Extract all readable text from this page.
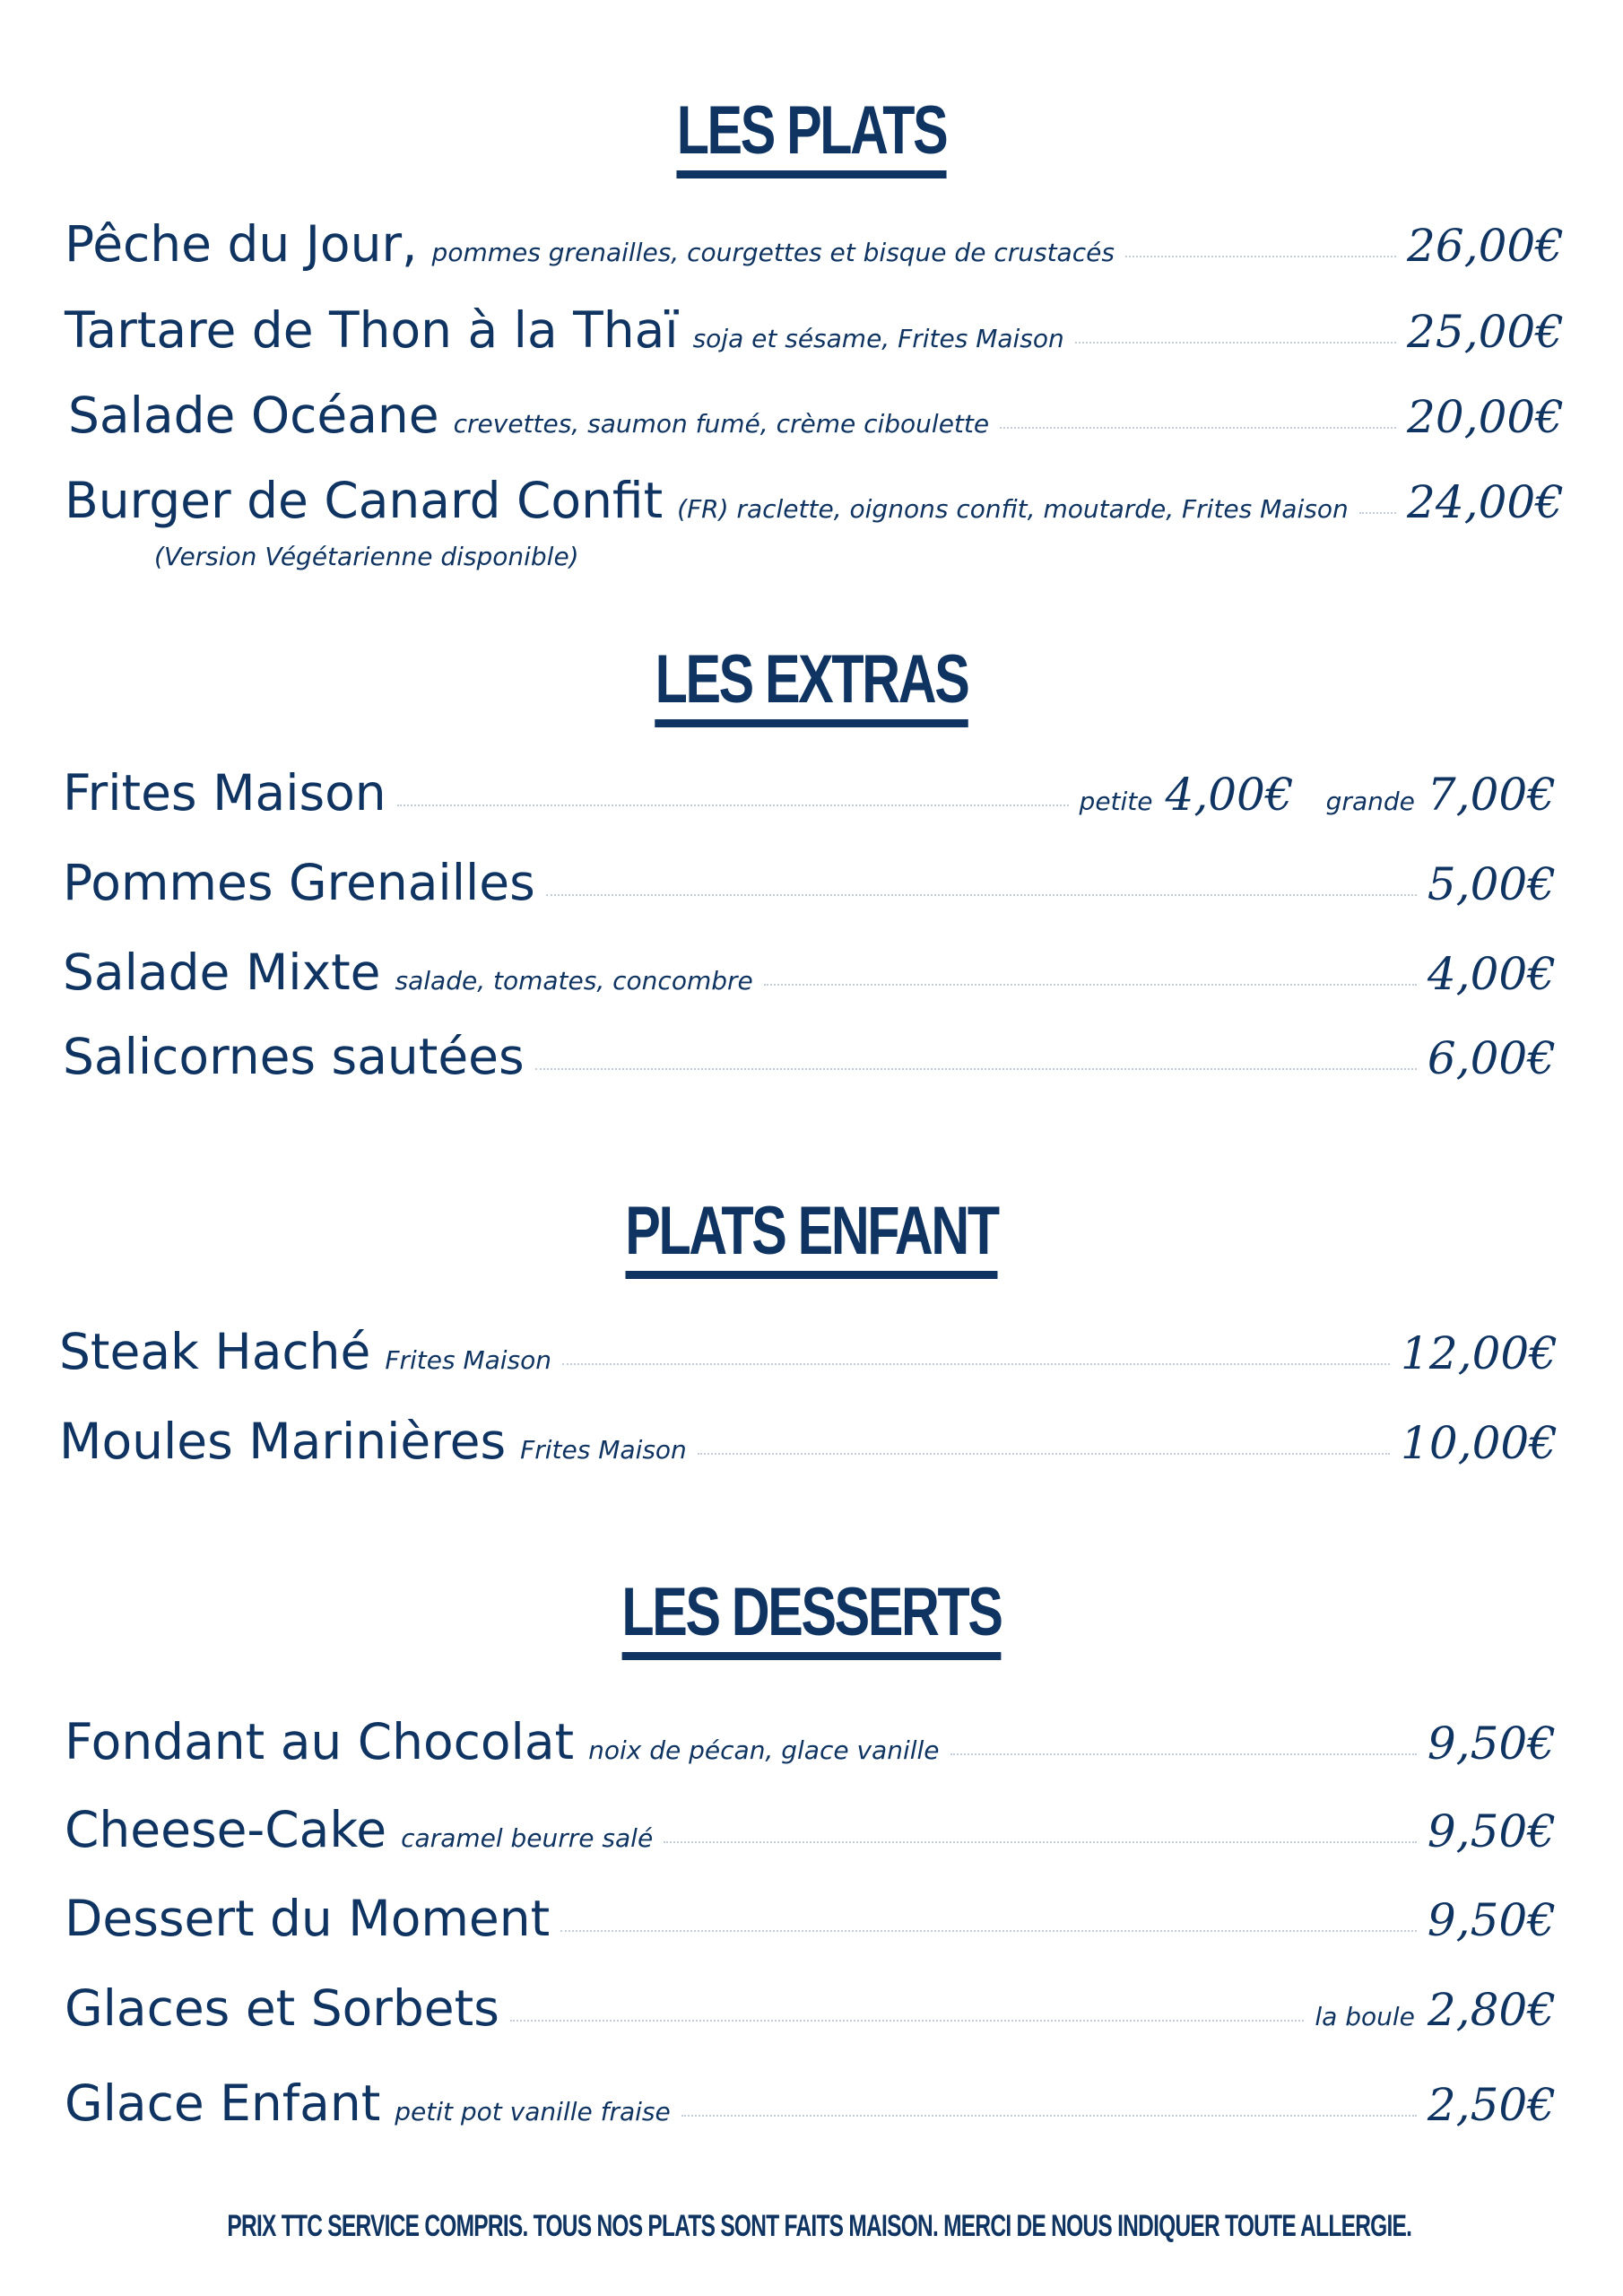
LES PLATS
Pêche du Jour, pommes grenailles, courgettes et bisque de crustacés	26,00€
Tartare de Thon à la Thaï soja et sésame, Frites Maison	25,00€
Salade Océane crevettes, saumon fumé, crème ciboulette	20,00€
Burger de Canard Confit (FR) raclette, oignons confit, moutarde, Frites Maison 24,00€
(Version Végétarienne disponible)
LES EXTRAS
Frites Maison	petite 4,00€ grande 7,00€
Pommes Grenailles	5,00€
Salade Mixte salade, tomates, concombre	4,00€
Salicornes sautées	6,00€
PLATS ENFANT
Steak Haché Frites Maison	12,00€
Moules Marinières Frites Maison	10,00€
LES DESSERTS
Fondant au Chocolat noix de pécan, glace vanille	9,50€
Cheese-Cake caramel beurre salé	9,50€
Dessert du Moment	9,50€
Glaces et Sorbets	la boule 2,80€
Glace Enfant petit pot vanille fraise	2,50€
PRIX TTC SERVICE COMPRIS. TOUS NOS PLATS SONT FAITS MAISON. MERCI DE NOUS INDIQUER TOUTE ALLERGIE.
